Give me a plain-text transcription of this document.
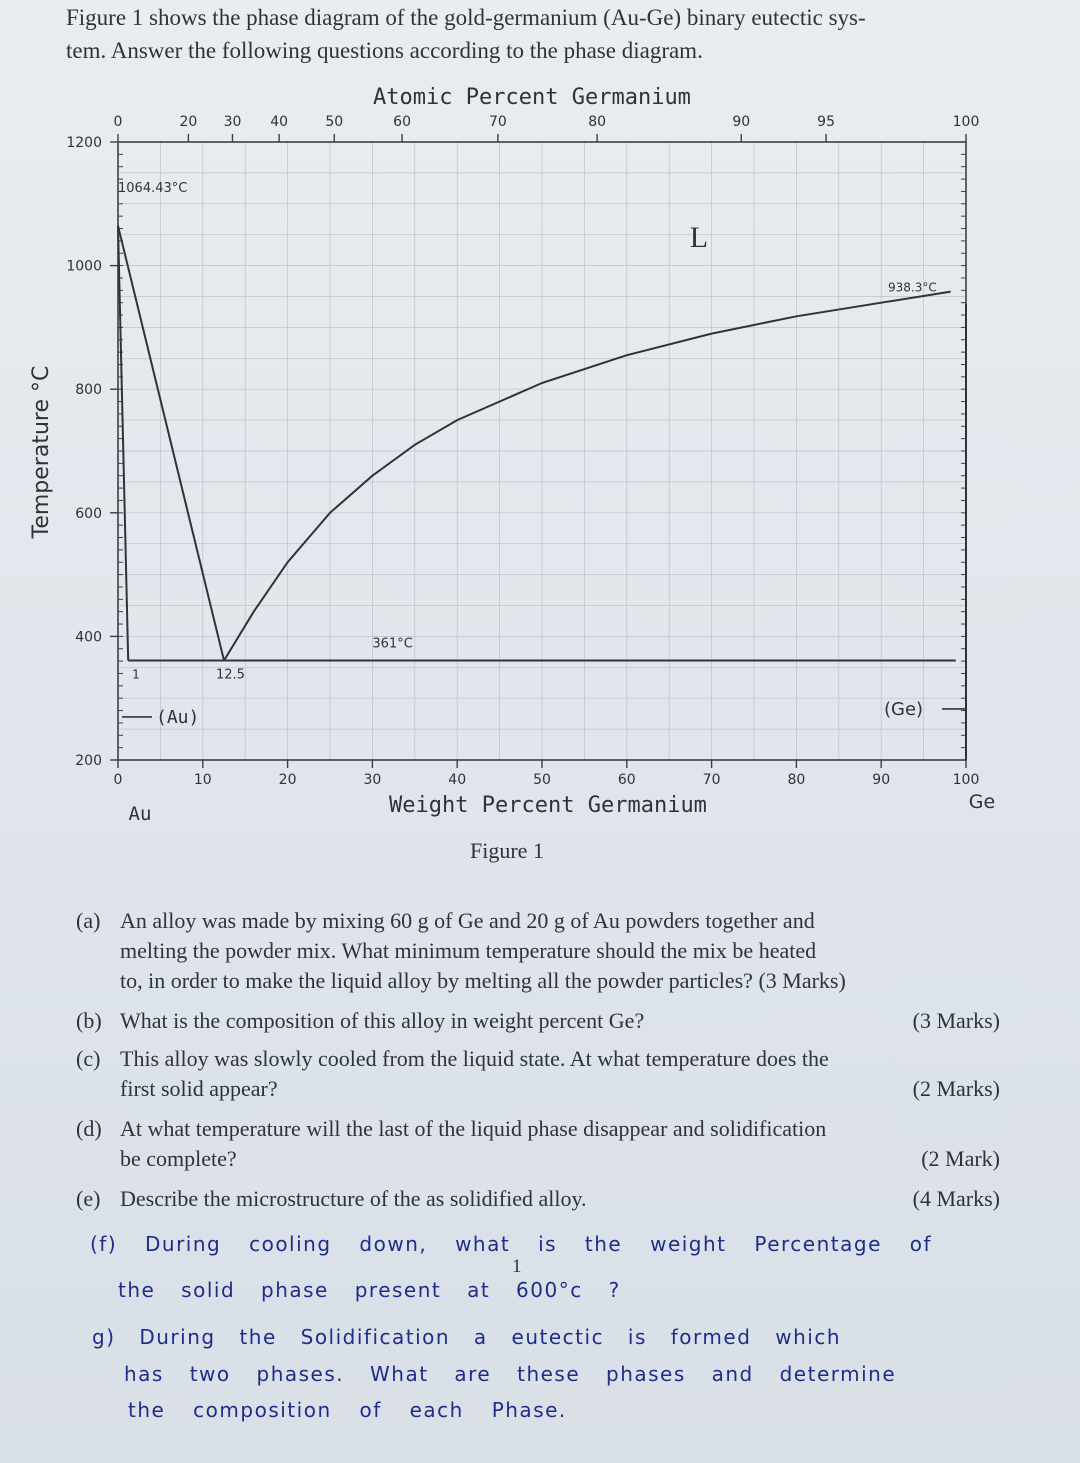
Figure 1 shows the phase diagram of the gold-germanium (Au-Ge) binary eutectic sys-
tem. Answer the following questions according to the phase diagram.
200
400
600
800
1000
1200
0	10	20	30	40	50	60	70	80	90	100
0	20 30 40	50	60	70	80	90	95	100
Atomic Percent Germanium
Weight Percent Germanium
Temperature °C
Au
Ge
1064.43°C
938.3°C
L
361°C
12.5
1
(Au)	(Ge)
Figure 1
(a) An alloy was made by mixing 60 g of Ge and 20 g of Au powders together and
melting the powder mix. What minimum temperature should the mix be heated
to, in order to make the liquid alloy by melting all the powder particles? (3 Marks)
(b) What is the composition of this alloy in weight percent Ge?	(3 Marks)
(c) This alloy was slowly cooled from the liquid state. At what temperature does the
first solid appear?	(2 Marks)
(d) At what temperature will the last of the liquid phase disappear and solidification
be complete?	(2 Mark)
(e) Describe the microstructure of the as solidified alloy.	(4 Marks)
(f) During cooling down, what is the weight Percentage of
the solid phase present at 600°c ?
1
g) During the Solidification a eutectic is formed which
has two phases. What are these phases and determine
the composition of each Phase.
